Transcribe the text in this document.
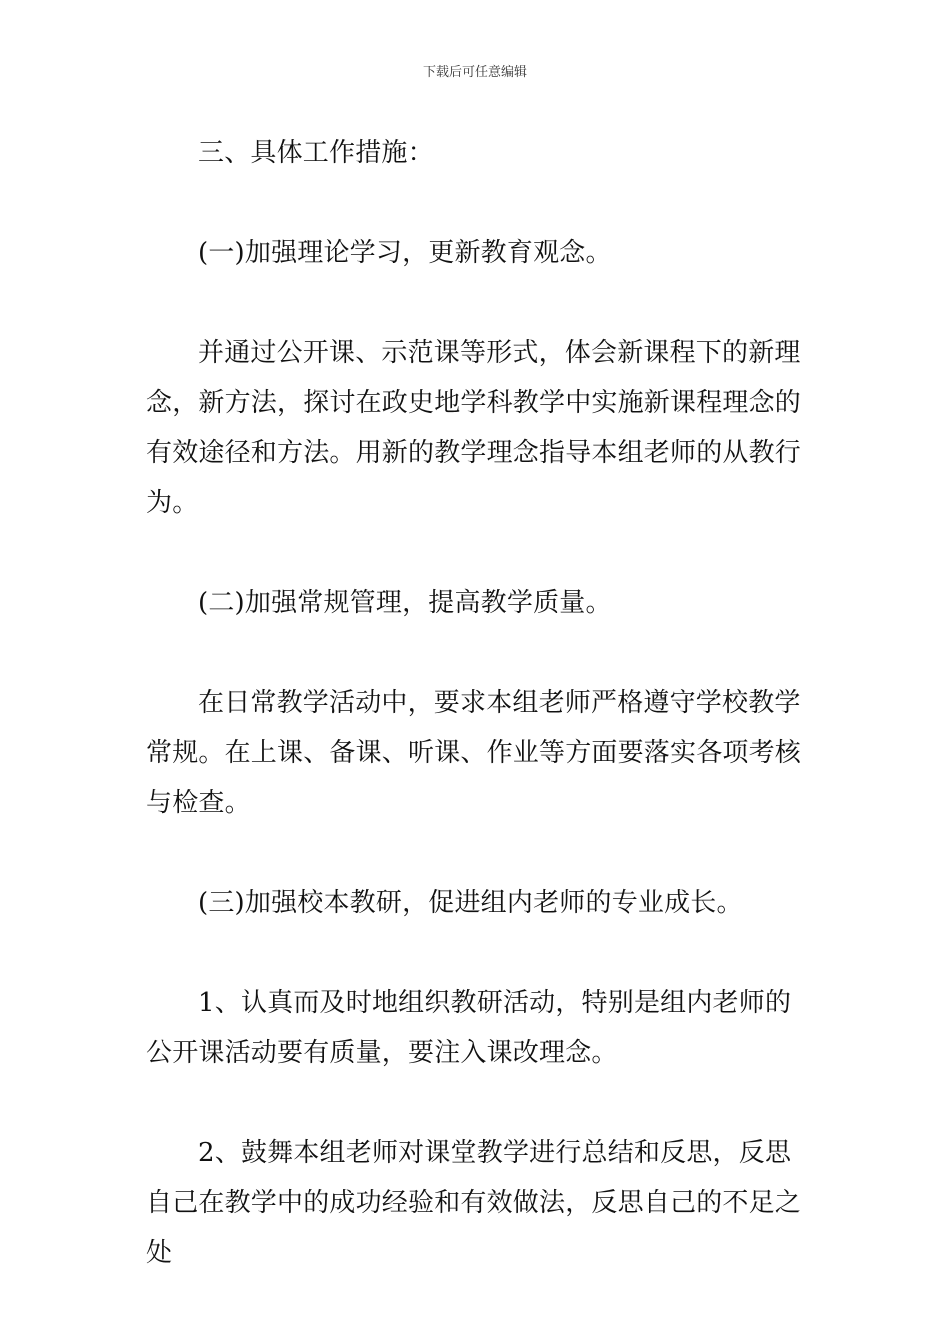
下载后可任意编辑

三、具体工作措施：

(一)加强理论学习，更新教育观念。

并通过公开课、示范课等形式，体会新课程下的新理念，新方法，探讨在政史地学科教学中实施新课程理念的有效途径和方法。用新的教学理念指导本组老师的从教行为。

(二)加强常规管理，提高教学质量。

在日常教学活动中，要求本组老师严格遵守学校教学常规。在上课、备课、听课、作业等方面要落实各项考核与检查。

(三)加强校本教研，促进组内老师的专业成长。

1、认真而及时地组织教研活动，特别是组内老师的公开课活动要有质量，要注入课改理念。

2、鼓舞本组老师对课堂教学进行总结和反思，反思自己在教学中的成功经验和有效做法，反思自己的不足之处
